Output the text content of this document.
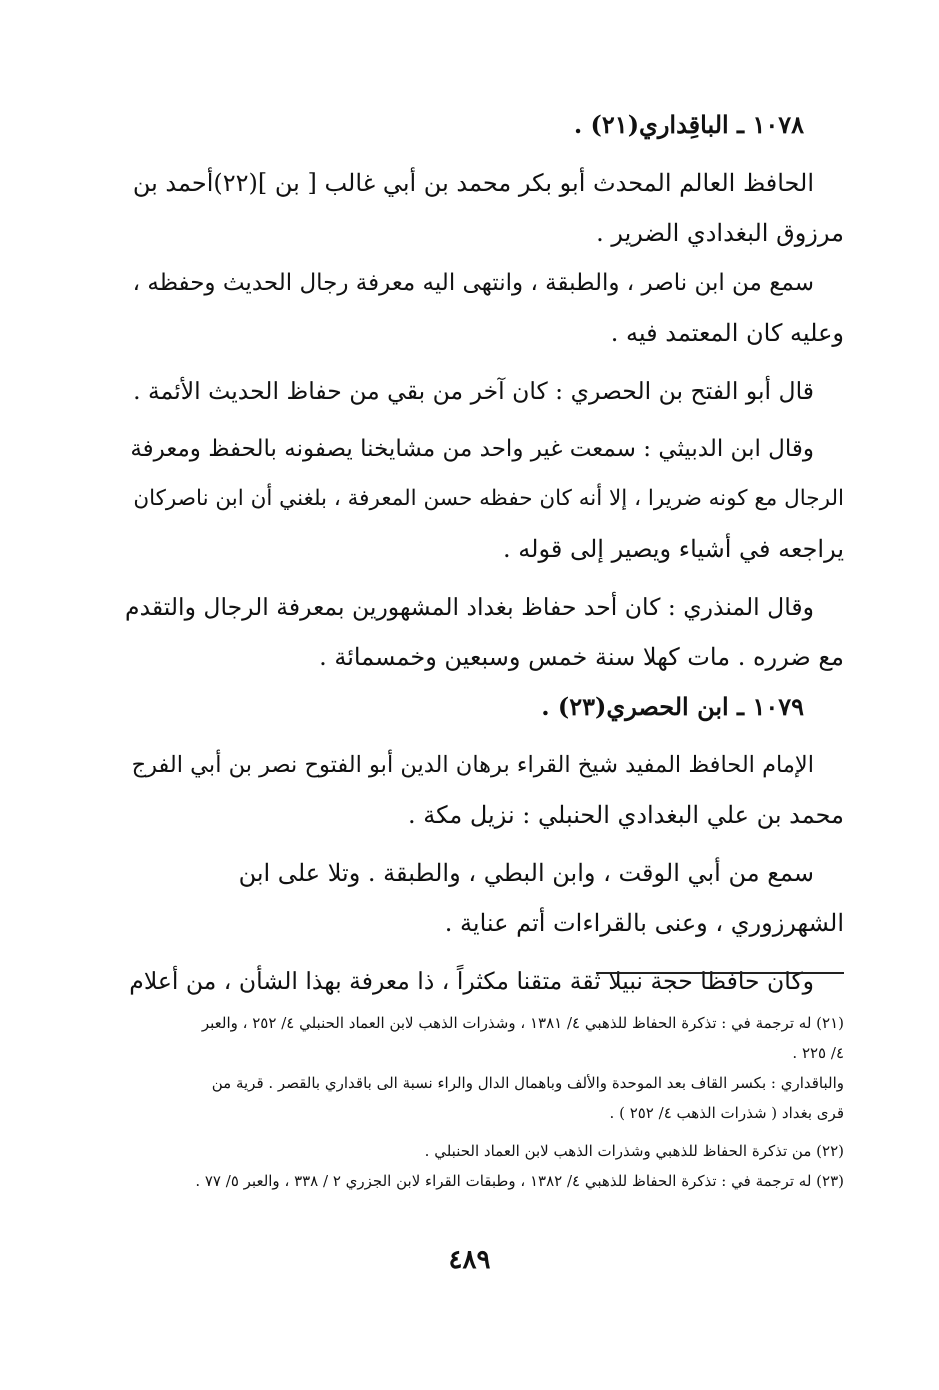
١٠٧٨ ـ الباقِداري(٢١) .
الحافظ العالم المحدث أبو بكر محمد بن أبي غالب [ بن ](٢٢)أحمد بن
مرزوق البغدادي الضرير .
سمع من ابن ناصر ، والطبقة ، وانتهى اليه معرفة رجال الحديث وحفظه ،
وعليه كان المعتمد فيه .
قال أبو الفتح بن الحصري : كان آخر من بقي من حفاظ الحديث الأئمة .
وقال ابن الدبيثي : سمعت غير واحد من مشايخنا يصفونه بالحفظ ومعرفة
الرجال مع كونه ضريرا ، إلا أنه كان حفظه حسن المعرفة ، بلغني أن ابن ناصركان
يراجعه في أشياء ويصير إلى قوله .
وقال المنذري : كان أحد حفاظ بغداد المشهورين بمعرفة الرجال والتقدم
مع ضرره . مات كهلا سنة خمس وسبعين وخمسمائة .
١٠٧٩ ـ ابن الحصري(٢٣) .
الإمام الحافظ المفيد شيخ القراء برهان الدين أبو الفتوح نصر بن أبي الفرج
محمد بن علي البغدادي الحنبلي : نزيل مكة .
سمع من أبي الوقت ، وابن البطي ، والطبقة . وتلا على ابن
الشهرزوري ، وعنى بالقراءات أتم عناية .
وكان حافظا حجة نبيلا ثقة متقنا مكثراً ، ذا معرفة بهذا الشأن ، من أعلام
(٢١) له ترجمة في : تذكرة الحفاظ للذهبي ٤/ ١٣٨١ ، وشذرات الذهب لابن العماد الحنبلي ٤/ ٢٥٢ ، والعبر
٤/ ٢٢٥ .
والباقداري : بكسر القاف بعد الموحدة والألف وباهمال الدال والراء نسبة الى باقداري بالقصر . قرية من
قرى بغداد ( شذرات الذهب ٤/ ٢٥٢ ) .
(٢٢) من تذكرة الحفاظ للذهبي وشذرات الذهب لابن العماد الحنبلي .
(٢٣) له ترجمة في : تذكرة الحفاظ للذهبي ٤/ ١٣٨٢ ، وطبقات القراء لابن الجزري ٢ / ٣٣٨ ، والعبر ٥/ ٧٧ .
٤٨٩
